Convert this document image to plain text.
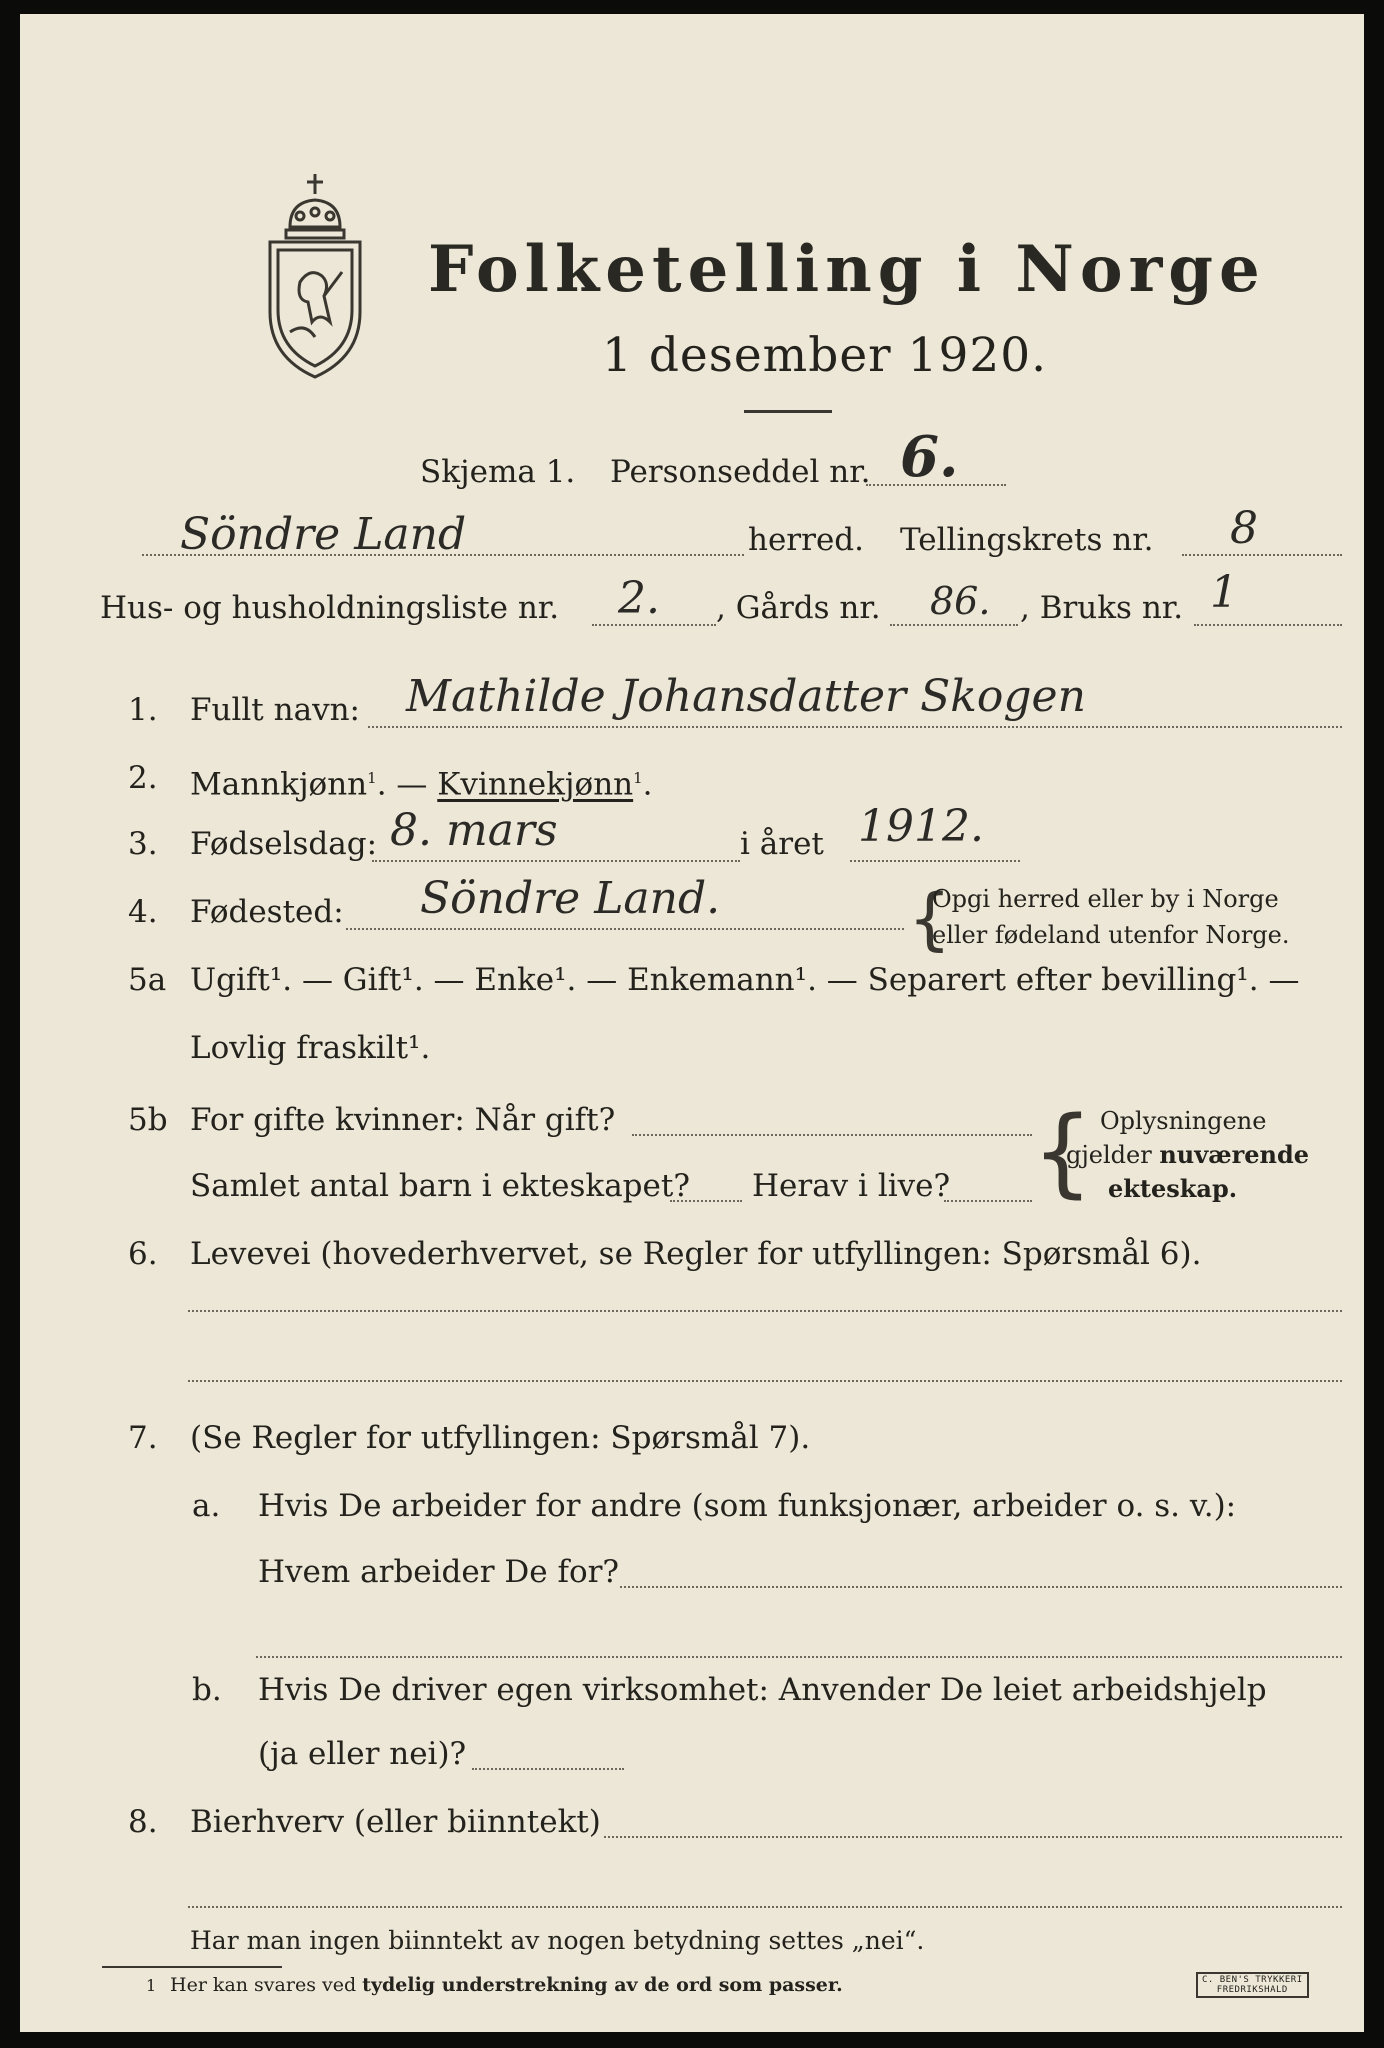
Folketelling i Norge
1 desember 1920.
Skjema 1. Personseddel nr. 6.
Söndre Land	herred. Tellingskrets nr. 8
Hus- og husholdningsliste nr. 2. , Gårds nr. 86. , Bruks nr. 1
1. Fullt navn: Mathilde Johansdatter Skogen
2. Mannkjønn$^1$. — Kvinnekjønn$^1$.
3. Fødselsdag: 8. mars	i året 1912.
4. Fødested: Söndre Land.	{
Opgi herred eller by i Norge
eller fødeland utenfor Norge.
5a Ugift¹. — Gift¹. — Enke¹. — Enkemann¹. — Separert efter bevilling¹. —
Lovlig fraskilt¹.
5b For gifte kvinner: Når gift?
Samlet antal barn i ekteskapet? Herav i live? { Oplysningene
gjelder nuværende
ekteskap.
6. Levevei (hovederhvervet, se Regler for utfyllingen: Spørsmål 6).
7. (Se Regler for utfyllingen: Spørsmål 7).
a. Hvis De arbeider for andre (som funksjonær, arbeider o. s. v.):
Hvem arbeider De for?
b. Hvis De driver egen virksomhet: Anvender De leiet arbeidshjelp
(ja eller nei)?
8. Bierhverv (eller biinntekt)
Har man ingen biinntekt av nogen betydning settes „nei“.
1 Her kan svares ved tydelig understrekning av de ord som passer.	C. BEN'S TRYKKERI
FREDRIKSHALD
